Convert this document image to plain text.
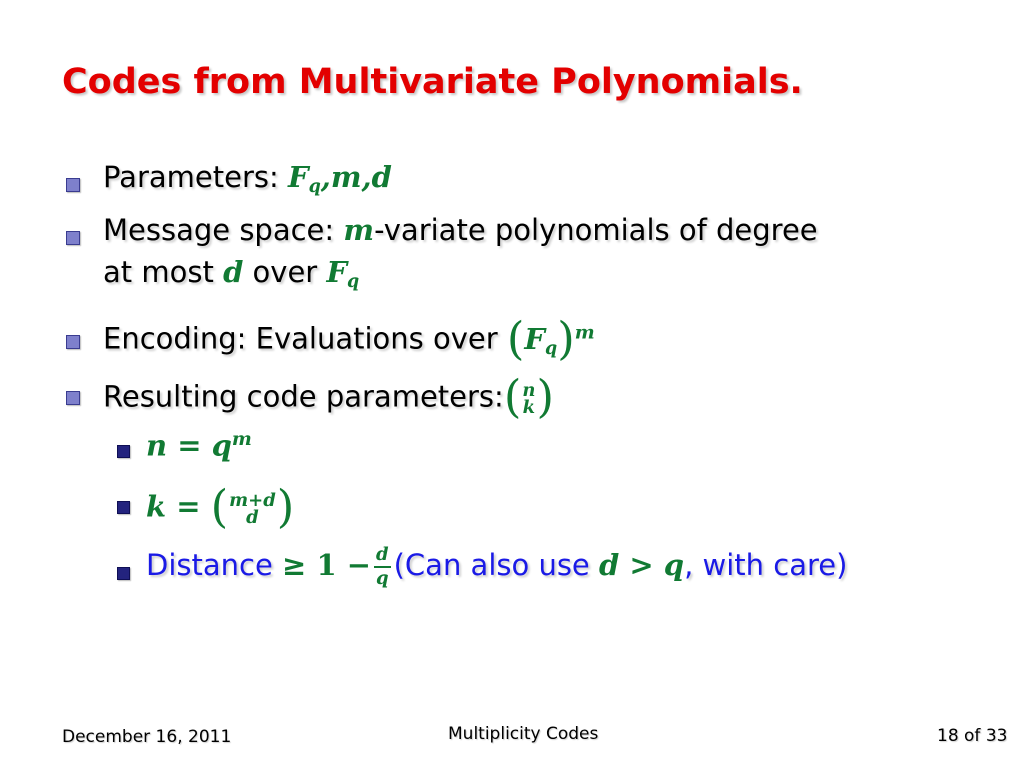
Codes from Multivariate Polynomials.
Parameters: Fq,m,d
Message space: m-variate polynomials of degree
at most d over Fq
Encoding: Evaluations over $(Fq)^m$
Resulting code parameters:( n
k )
$n = q^m$
k = ( m+d
d )
Distance ≥ $1 - \frac{d}{q} (Can$ also use d > q, with care)
December 16, 2011	Multiplicity Codes	18 of 33
